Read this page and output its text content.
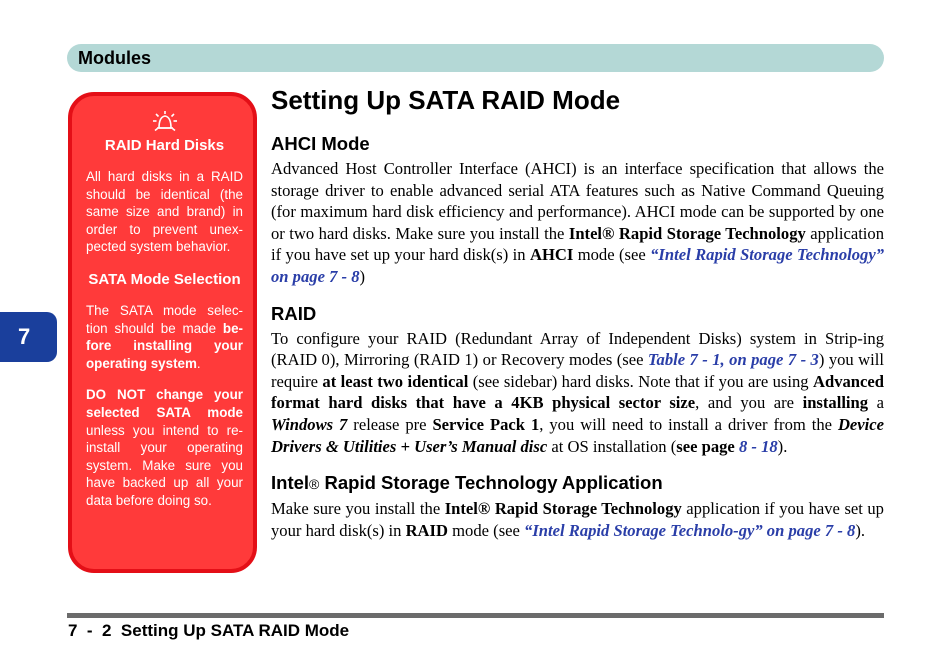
Modules
7
RAID Hard Disks
All hard disks in a RAID should be identical (the same size and brand) in order to prevent unex-pected system behavior.
SATA Mode Selection
The SATA mode selec-tion should be made be-fore installing your operating system.
DO NOT change your selected SATA mode unless you intend to re-install your operating system. Make sure you have backed up all your data before doing so.
Setting Up SATA RAID Mode
AHCI Mode

Advanced Host Controller Interface (AHCI) is an interface specification that allows the storage driver to enable advanced serial ATA features such as Native Command Queuing (for maximum hard disk efficiency and performance). AHCI mode can be supported by one or two hard disks. Make sure you install the Intel® Rapid Storage Technology application if you have set up your hard disk(s) in AHCI mode (see “Intel Rapid Storage Technology” on page 7 - 8)

RAID

To configure your RAID (Redundant Array of Independent Disks) system in Strip-ing (RAID 0), Mirroring (RAID 1) or Recovery modes (see Table 7 - 1, on page 7 - 3) you will require at least two identical (see sidebar) hard disks. Note that if you are using Advanced format hard disks that have a 4KB physical sector size, and you are installing a Windows 7 release pre Service Pack 1, you will need to install a driver from the Device Drivers & Utilities + User’s Manual disc at OS installation (see page 8 - 18).

Intel® Rapid Storage Technology Application

Make sure you install the Intel® Rapid Storage Technology application if you have set up your hard disk(s) in RAID mode (see “Intel Rapid Storage Technolo-gy” on page 7 - 8).

7  -  2  Setting Up SATA RAID Mode
